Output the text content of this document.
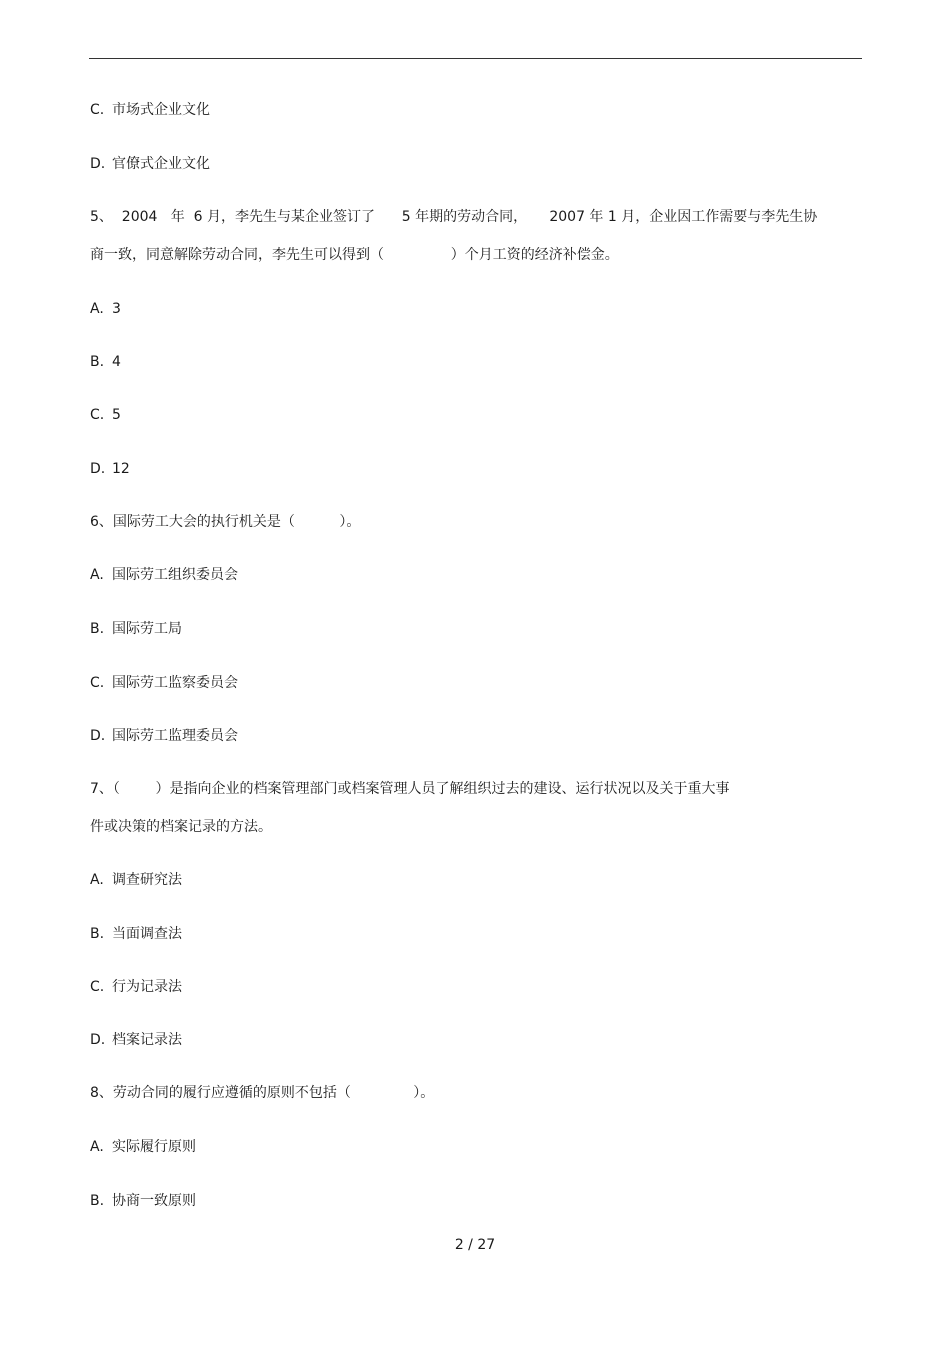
C. 市场式企业文化
D. 官僚式企业文化
5、  2004   年  6 月，李先生与某企业签订了      5 年期的劳动合同，     2007 年 1 月，企业因工作需要与李先生协
商一致，同意解除劳动合同，李先生可以得到（               ）个月工资的经济补偿金。
A. 3
B. 4
C. 5
D. 12
6、国际劳工大会的执行机关是（          ）。
A. 国际劳工组织委员会
B. 国际劳工局
C. 国际劳工监察委员会
D. 国际劳工监理委员会
7、（        ）是指向企业的档案管理部门或档案管理人员了解组织过去的建设、运行状况以及关于重大事
件或决策的档案记录的方法。
A. 调查研究法
B. 当面调查法
C. 行为记录法
D. 档案记录法
8、劳动合同的履行应遵循的原则不包括（              ）。
A. 实际履行原则
B. 协商一致原则
2 / 27
